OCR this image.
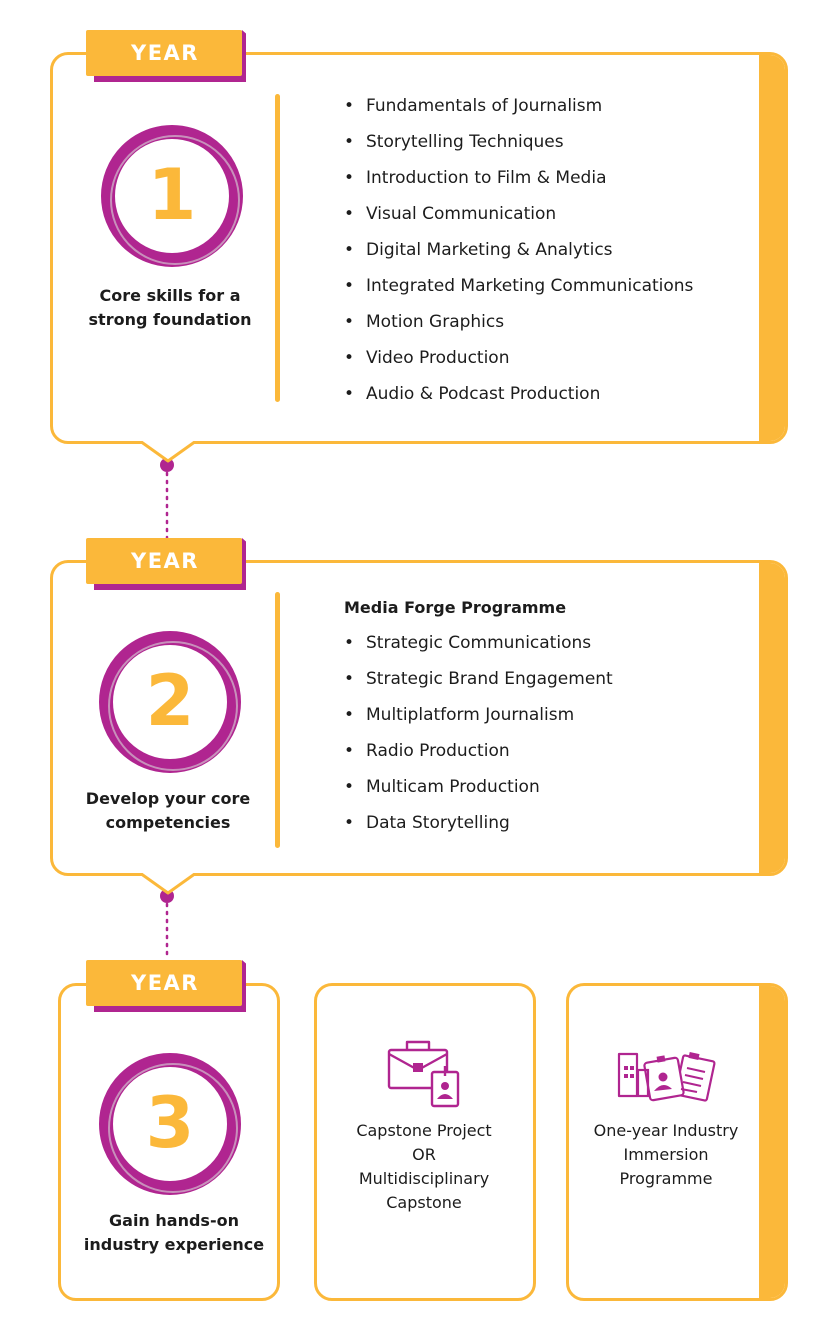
YEAR
1
Core skills for a
strong foundation
• Fundamentals of Journalism
• Storytelling Techniques
• Introduction to Film & Media
• Visual Communication
• Digital Marketing & Analytics
• Integrated Marketing Communications
• Motion Graphics
• Video Production
• Audio & Podcast Production
YEAR
2
Develop your core
competencies
Media Forge Programme
• Strategic Communications
• Strategic Brand Engagement
• Multiplatform Journalism
• Radio Production
• Multicam Production
• Data Storytelling
YEAR
3
Gain hands-on
industry experience
Capstone Project
OR
Multidisciplinary
Capstone
One-year Industry
Immersion
Programme
